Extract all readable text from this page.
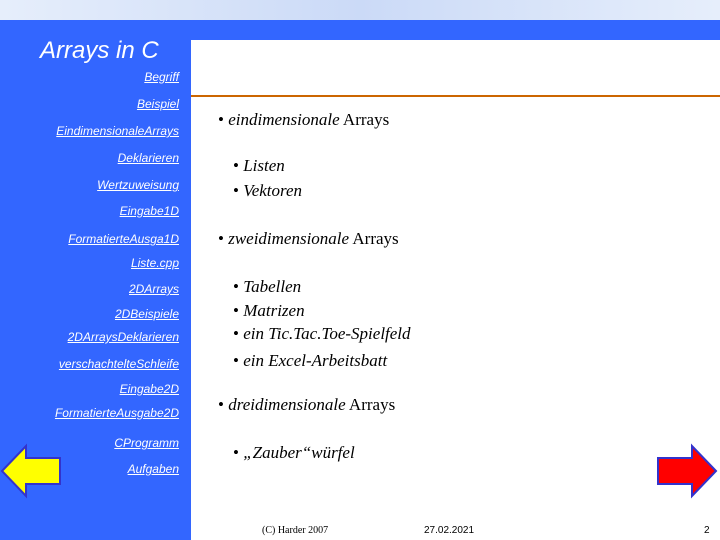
Arrays in C
Begriff
Beispiel
EindimensionaleArrays
Deklarieren
Wertzuweisung
Eingabe1D
FormatierteAusga1D
Liste.cpp
2DArrays
2DBeispiele
2DArraysDeklarieren
verschachtelteSchleife
Eingabe2D
FormatierteAusgabe2D
CProgramm
Aufgaben
• eindimensionale Arrays
• Listen
• Vektoren
• zweidimensionale Arrays
• Tabellen
• Matrizen
• ein Tic.Tac.Toe-Spielfeld
• ein Excel-Arbeitsbatt
• dreidimensionale Arrays
• „Zauber“würfel
(C) Harder 2007	27.02.2021	2
